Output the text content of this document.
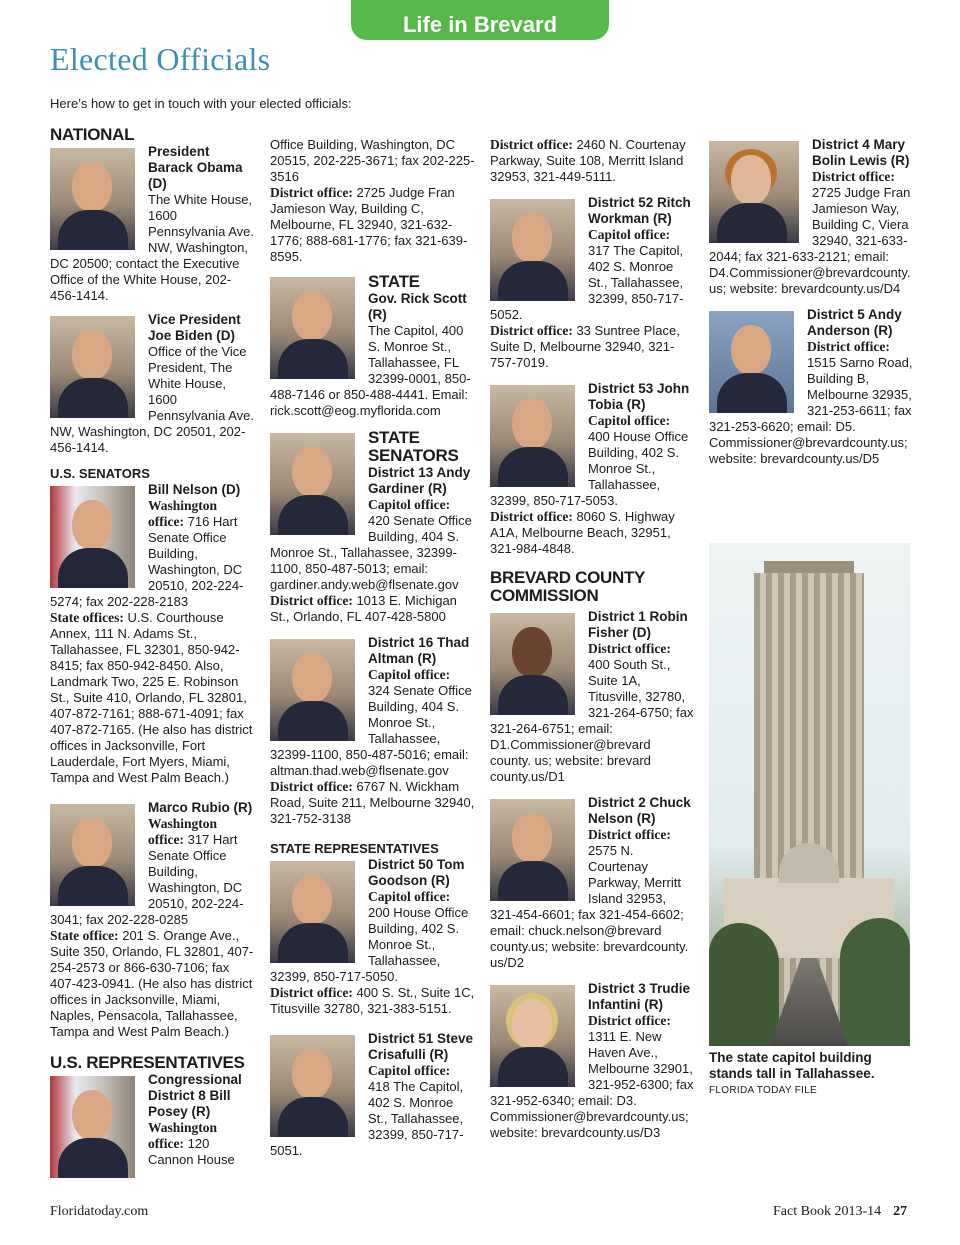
Life in Brevard
Elected Officials
Here’s how to get in touch with your elected officials:
NATIONAL
President Barack Obama (D)
The White House, 1600 Pennsylvania Ave. NW, Washington, DC 20500; contact the Executive Office of the White House, 202-456-1414.
Vice President Joe Biden (D)
Office of the Vice President, The White House, 1600 Pennsylvania Ave. NW, Washington, DC 20501, 202-456-1414.
U.S. SENATORS
Bill Nelson (D)
Washington office: 716 Hart Senate Office Building, Washington, DC 20510, 202-224-5274; fax 202-228-2183
State offices: U.S. Courthouse Annex, 111 N. Adams St., Tallahassee, FL 32301, 850-942-8415; fax 850-942-8450. Also, Landmark Two, 225 E. Robinson St., Suite 410, Orlando, FL 32801, 407-872-7161; 888-671-4091; fax 407-872-7165. (He also has district offices in Jacksonville, Fort Lauderdale, Fort Myers, Miami, Tampa and West Palm Beach.)
Marco Rubio (R)
Washington office: 317 Hart Senate Office Building, Washington, DC 20510, 202-224-3041; fax 202-228-0285
State office: 201 S. Orange Ave., Suite 350, Orlando, FL 32801, 407-254-2573 or 866-630-7106; fax 407-423-0941. (He also has district offices in Jacksonville, Miami, Naples, Pensacola, Tallahassee, Tampa and West Palm Beach.)
U.S. REPRESENTATIVES
Congressional District 8 Bill Posey (R)
Washington office: 120 Cannon House
Office Building, Washington, DC 20515, 202-225-3671; fax 202-225-3516
District office: 2725 Judge Fran Jamieson Way, Building C, Melbourne, FL 32940, 321-632-1776; 888-681-1776; fax 321-639-8595.
STATE
Gov. Rick Scott (R)
The Capitol, 400 S. Monroe St., Tallahassee, FL 32399-0001, 850-488-7146 or 850-488-4441. Email: rick.scott@eog.myflorida.com
STATE SENATORS
District 13 Andy Gardiner (R)
Capitol office: 420 Senate Office Building, 404 S. Monroe St., Tallahassee, 32399-1100, 850-487-5013; email: gardiner.andy.web@flsenate.gov
District office: 1013 E. Michigan St., Orlando, FL 407-428-5800
District 16 Thad Altman (R)
Capitol office: 324 Senate Office Building, 404 S. Monroe St., Tallahassee, 32399-1100, 850-487-5016; email: altman.thad.web@flsenate.gov
District office: 6767 N. Wickham Road, Suite 211, Melbourne 32940, 321-752-3138
STATE REPRESENTATIVES
District 50 Tom Goodson (R)
Capitol office: 200 House Office Building, 402 S. Monroe St., Tallahassee, 32399, 850-717-5050.
District office: 400 S. St., Suite 1C, Titusville 32780, 321-383-5151.
District 51 Steve Crisafulli (R)
Capitol office: 418 The Capitol, 402 S. Monroe St., Tallahassee, 32399, 850-717-5051.
District office: 2460 N. Courtenay Parkway, Suite 108, Merritt Island 32953, 321-449-5111.
District 52 Ritch Workman (R)
Capitol office: 317 The Capitol, 402 S. Monroe St., Tallahassee, 32399, 850-717-5052.
District office: 33 Suntree Place, Suite D, Melbourne 32940, 321-757-7019.
District 53 John Tobia (R)
Capitol office: 400 House Office Building, 402 S. Monroe St., Tallahassee, 32399, 850-717-5053.
District office: 8060 S. Highway A1A, Melbourne Beach, 32951, 321-984-4848.
BREVARD COUNTY COMMISSION
District 1 Robin Fisher (D)
District office: 400 South St., Suite 1A, Titusville, 32780, 321-264-6750; fax 321-264-6751; email: D1.Commissioner@brevard county. us; website: brevard county.us/D1
District 2 Chuck Nelson (R)
District office: 2575 N. Courtenay Parkway, Merritt Island 32953, 321-454-6601; fax 321-454-6602; email: chuck.nelson@brevard county.us; website: brevardcounty. us/D2
District 3 Trudie Infantini (R)
District office: 1311 E. New Haven Ave., Melbourne 32901, 321-952-6300; fax 321-952-6340; email: D3. Commissioner@brevardcounty.us; website: brevardcounty.us/D3
District 4 Mary Bolin Lewis (R)
District office: 2725 Judge Fran Jamieson Way, Building C, Viera 32940, 321-633-2044; fax 321-633-2121; email: D4.Commissioner@brevardcounty. us; website: brevardcounty.us/D4
District 5 Andy Anderson (R)
District office: 1515 Sarno Road, Building B, Melbourne 32935, 321-253-6611; fax 321-253-6620; email: D5. Commissioner@brevardcounty.us; website: brevardcounty.us/D5
The state capitol building stands tall in Tallahassee.
FLORIDA TODAY FILE
Floridatoday.com	Fact Book 2013-14 27
